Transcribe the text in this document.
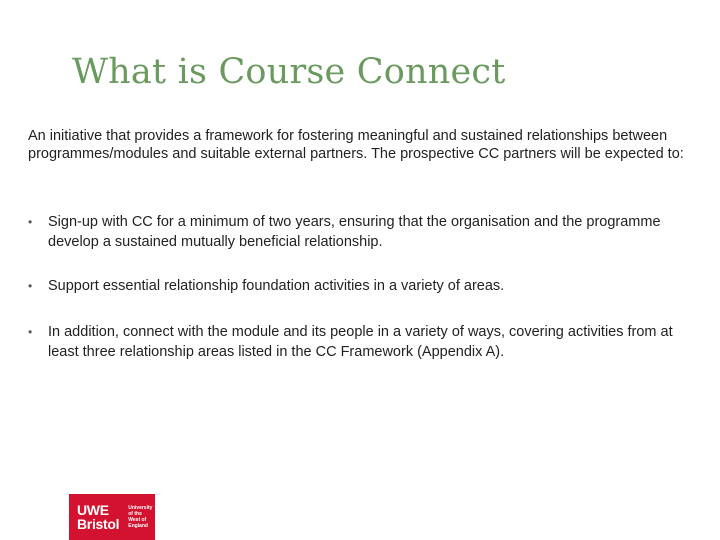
What is Course Connect

An initiative that provides a framework for fostering meaningful and sustained relationships between programmes/modules and suitable external partners. The prospective CC partners will be expected to:

• Sign-up with CC for a minimum of two years, ensuring that the organisation and the programme develop a sustained mutually beneficial relationship.
• Support essential relationship foundation activities in a variety of areas.
• In addition, connect with the module and its people in a variety of ways, covering activities from at least three relationship areas listed in the CC Framework (Appendix A).
UWE
Bristol
University
of the
West of
England
